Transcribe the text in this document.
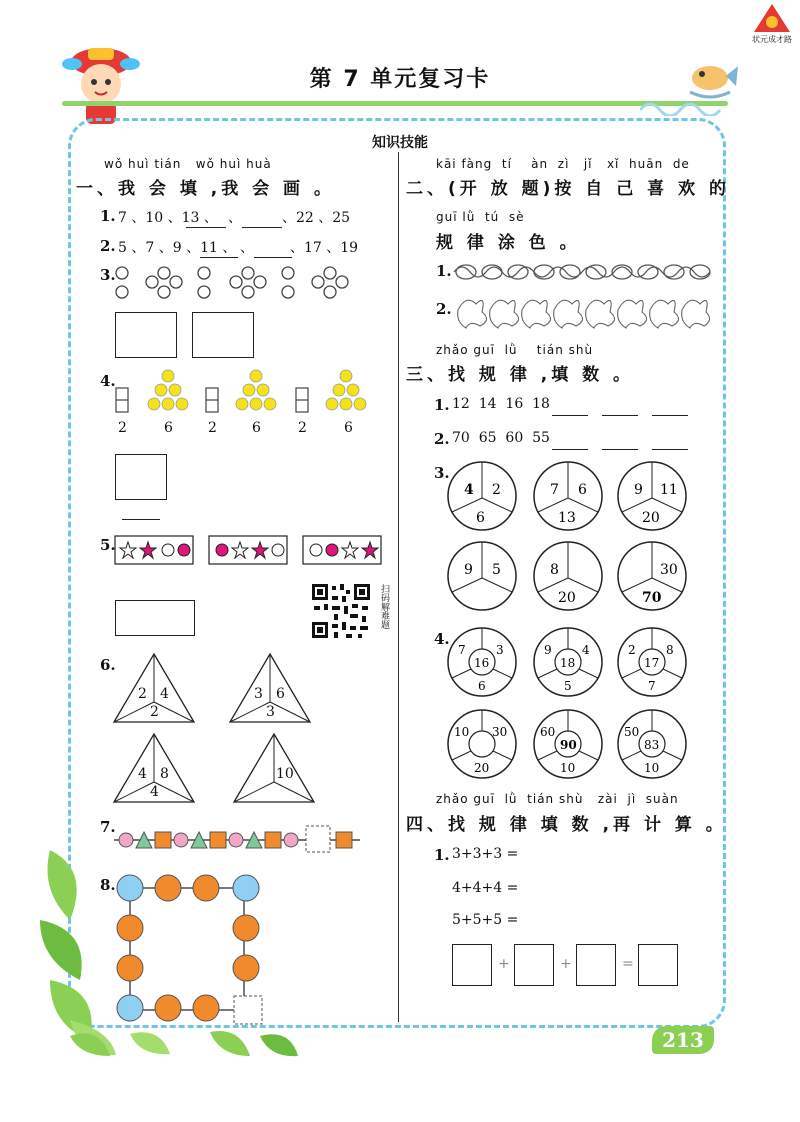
状元成才路
第 7 单元复习卡
知识技能
wǒ huì tián   wǒ huì huà
一、我 会 填 ,我 会 画 。
1. 7 、10 、13 、 、	、22 、25
2. 5 、7 、9 、11 、 、	、17 、19
3.
4.
2	6	2	6	2	6
5.
扫码解难题
6.
2 4
2
3 6
3
4 8
4
10
7.
8.
kāi fàng  tí    àn  zì   jǐ   xǐ  huān  de
二、(开 放 题)按 自 己 喜 欢 的
guī lǜ  tú  sè
规 律 涂 色 。
1.
2.
zhǎo guī  lǜ    tián shù
三、找 规 律 ,填 数 。
1. 12  14  16  18
2. 70  65  60  55
3.
4 2
6
7 6
13
9 11
20
9 5	8
20
30
70
4.
7	3
16
6
9	4
18
5
2	8
17
7
10 30
20
60
90
10
50
83
10
zhǎo guī  lǜ  tián shù   zài  jì  suàn
四、找 规 律 填 数 ,再 计 算 。
1. 3+3+3 =
4+4+4 =
5+5+5 =
+	+	=
213
